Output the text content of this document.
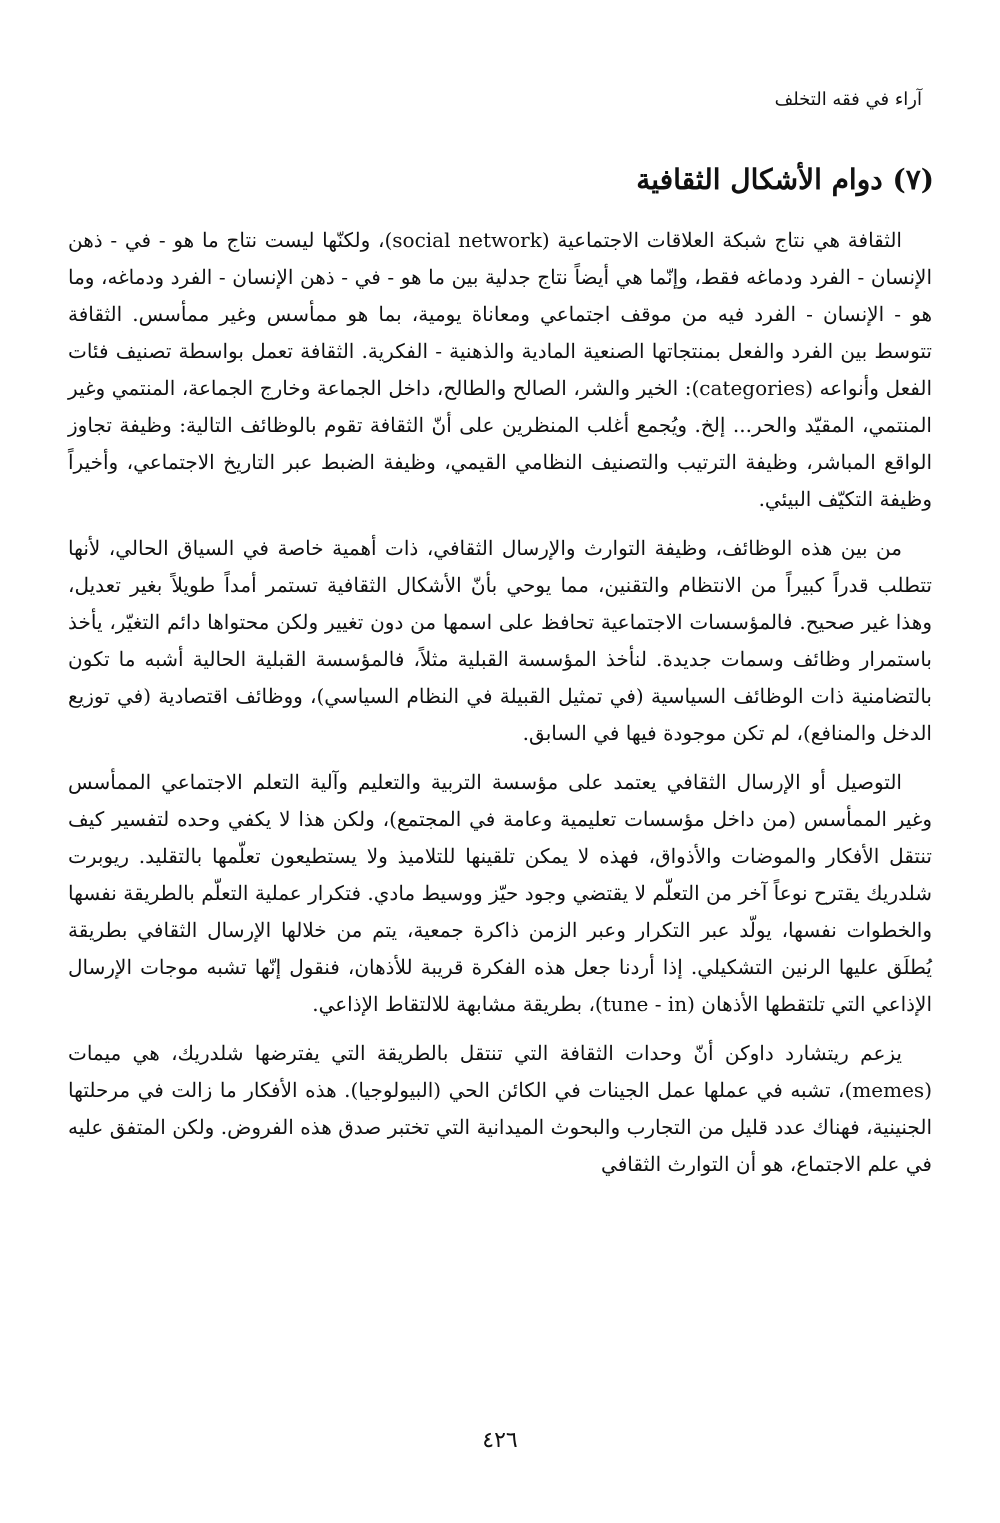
آراء في فقه التخلف
(٧) دوام الأشكال الثقافية

الثقافة هي نتاج شبكة العلاقات الاجتماعية (social network)، ولكنّها ليست نتاج ما هو - في - ذهن الإنسان - الفرد ودماغه فقط، وإنّما هي أيضاً نتاج جدلية بين ما هو - في - ذهن الإنسان - الفرد ودماغه، وما هو - الإنسان - الفرد فيه من موقف اجتماعي ومعاناة يومية، بما هو ممأسس وغير ممأسس. الثقافة تتوسط بين الفرد والفعل بمنتجاتها الصنعية المادية والذهنية - الفكرية. الثقافة تعمل بواسطة تصنيف فئات الفعل وأنواعه (categories): الخير والشر، الصالح والطالح، داخل الجماعة وخارج الجماعة، المنتمي وغير المنتمي، المقيّد والحر... إلخ. ويُجمع أغلب المنظرين على أنّ الثقافة تقوم بالوظائف التالية: وظيفة تجاوز الواقع المباشر، وظيفة الترتيب والتصنيف النظامي القيمي، وظيفة الضبط عبر التاريخ الاجتماعي، وأخيراً وظيفة التكيّف البيئي.

من بين هذه الوظائف، وظيفة التوارث والإرسال الثقافي، ذات أهمية خاصة في السياق الحالي، لأنها تتطلب قدراً كبيراً من الانتظام والتقنين، مما يوحي بأنّ الأشكال الثقافية تستمر أمداً طويلاً بغير تعديل، وهذا غير صحيح. فالمؤسسات الاجتماعية تحافظ على اسمها من دون تغيير ولكن محتواها دائم التغيّر، يأخذ باستمرار وظائف وسمات جديدة. لنأخذ المؤسسة القبلية مثلاً، فالمؤسسة القبلية الحالية أشبه ما تكون بالتضامنية ذات الوظائف السياسية (في تمثيل القبيلة في النظام السياسي)، ووظائف اقتصادية (في توزيع الدخل والمنافع)، لم تكن موجودة فيها في السابق.

التوصيل أو الإرسال الثقافي يعتمد على مؤسسة التربية والتعليم وآلية التعلم الاجتماعي الممأسس وغير الممأسس (من داخل مؤسسات تعليمية وعامة في المجتمع)، ولكن هذا لا يكفي وحده لتفسير كيف تنتقل الأفكار والموضات والأذواق، فهذه لا يمكن تلقينها للتلاميذ ولا يستطيعون تعلّمها بالتقليد. ريوبرت شلدريك يقترح نوعاً آخر من التعلّم لا يقتضي وجود حيّز ووسيط مادي. فتكرار عملية التعلّم بالطريقة نفسها والخطوات نفسها، يولّد عبر التكرار وعبر الزمن ذاكرة جمعية، يتم من خلالها الإرسال الثقافي بطريقة يُطلَق عليها الرنين التشكيلي. إذا أردنا جعل هذه الفكرة قريبة للأذهان، فنقول إنّها تشبه موجات الإرسال الإذاعي التي تلتقطها الأذهان (tune - in)، بطريقة مشابهة للالتقاط الإذاعي.

يزعم ريتشارد داوكن أنّ وحدات الثقافة التي تنتقل بالطريقة التي يفترضها شلدريك، هي ميمات (memes)، تشبه في عملها عمل الجينات في الكائن الحي (البيولوجيا). هذه الأفكار ما زالت في مرحلتها الجنينية، فهناك عدد قليل من التجارب والبحوث الميدانية التي تختبر صدق هذه الفروض. ولكن المتفق عليه في علم الاجتماع، هو أن التوارث الثقافي

٤٢٦
